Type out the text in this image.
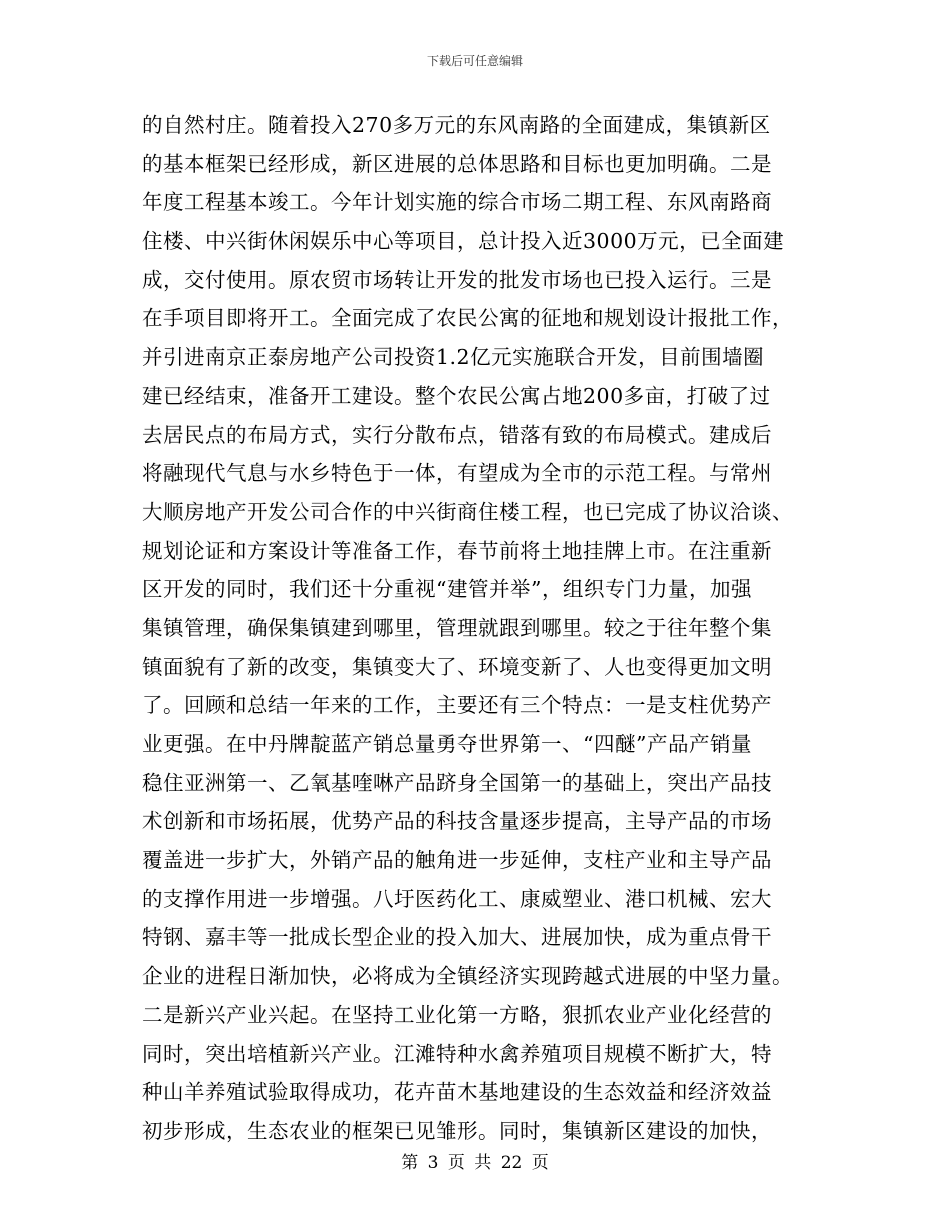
下载后可任意编辑
的自然村庄。随着投入270多万元的东风南路的全面建成，集镇新区
的基本框架已经形成，新区进展的总体思路和目标也更加明确。二是
年度工程基本竣工。今年计划实施的综合市场二期工程、东风南路商
住楼、中兴街休闲娱乐中心等项目，总计投入近3000万元，已全面建
成，交付使用。原农贸市场转让开发的批发市场也已投入运行。三是
在手项目即将开工。全面完成了农民公寓的征地和规划设计报批工作，
并引进南京正泰房地产公司投资1.2亿元实施联合开发，目前围墙圈
建已经结束，准备开工建设。整个农民公寓占地200多亩，打破了过
去居民点的布局方式，实行分散布点，错落有致的布局模式。建成后
将融现代气息与水乡特色于一体，有望成为全市的示范工程。与常州
大顺房地产开发公司合作的中兴街商住楼工程，也已完成了协议洽谈、
规划论证和方案设计等准备工作，春节前将土地挂牌上市。在注重新
区开发的同时，我们还十分重视“建管并举”，组织专门力量，加强
集镇管理，确保集镇建到哪里，管理就跟到哪里。较之于往年整个集
镇面貌有了新的改变，集镇变大了、环境变新了、人也变得更加文明
了。回顾和总结一年来的工作，主要还有三个特点：一是支柱优势产
业更强。在中丹牌靛蓝产销总量勇夺世界第一、“四醚”产品产销量
稳住亚洲第一、乙氧基喹啉产品跻身全国第一的基础上，突出产品技
术创新和市场拓展，优势产品的科技含量逐步提高，主导产品的市场
覆盖进一步扩大，外销产品的触角进一步延伸，支柱产业和主导产品
的支撑作用进一步增强。八圩医药化工、康威塑业、港口机械、宏大
特钢、嘉丰等一批成长型企业的投入加大、进展加快，成为重点骨干
企业的进程日渐加快，必将成为全镇经济实现跨越式进展的中坚力量。
二是新兴产业兴起。在坚持工业化第一方略，狠抓农业产业化经营的
同时，突出培植新兴产业。江滩特种水禽养殖项目规模不断扩大，特
种山羊养殖试验取得成功，花卉苗木基地建设的生态效益和经济效益
初步形成，生态农业的框架已见雏形。同时，集镇新区建设的加快，
第 3 页 共 22 页
